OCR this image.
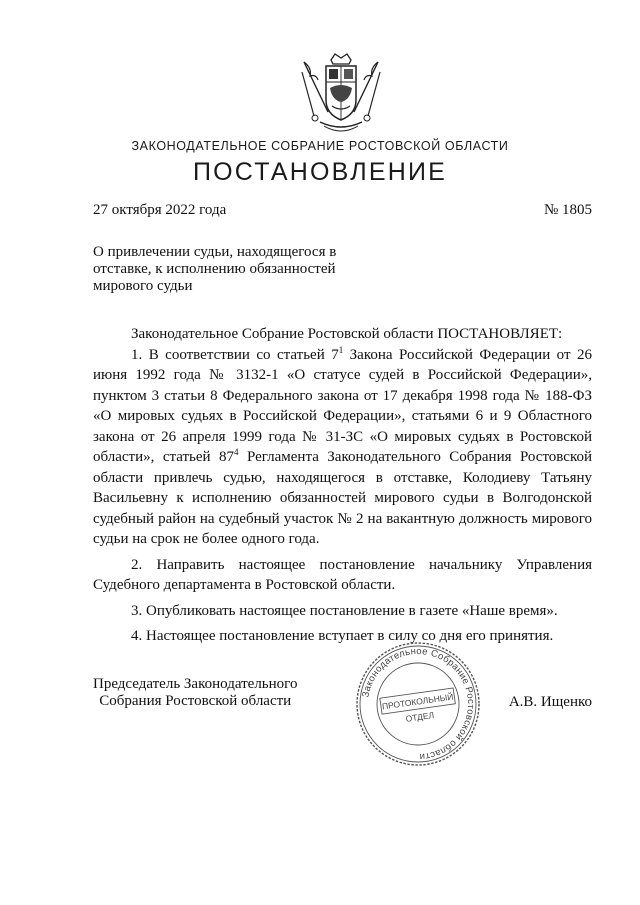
ЗАКОНОДАТЕЛЬНОЕ СОБРАНИЕ РОСТОВСКОЙ ОБЛАСТИ
ПОСТАНОВЛЕНИЕ
27 октября 2022 года	№ 1805
О привлечении судьи, находящегося в отставке, к исполнению обязанностей мирового судьи

Законодательное Собрание Ростовской области ПОСТАНОВЛЯЕТ:

1. В соответствии со статьей $7^1$ Закона Российской Федерации от 26 июня 1992 года № 3132-1 «О статусе судей в Российской Федерации», пунктом 3 статьи 8 Федерального закона от 17 декабря 1998 года № 188-ФЗ «О мировых судьях в Российской Федерации», статьями 6 и 9 Областного закона от 26 апреля 1999 года № 31-ЗС «О мировых судьях в Ростовской области», статьей $87^4$ Регламента Законодательного Собрания Ростовской области привлечь судью, находящегося в отставке, Колодиеву Татьяну Васильевну к исполнению обязанностей мирового судьи в Волгодонской судебный район на судебный участок № 2 на вакантную должность мирового судьи на срок не более одного года.

2. Направить настоящее постановление начальнику Управления Судебного департамента в Ростовской области.

3. Опубликовать настоящее постановление в газете «Наше время».

4. Настоящее постановление вступает в силу со дня его принятия.

Председатель Законодательного
Собрания Ростовской области	Законодательное Собрание Ростовской области
ПРОТОКОЛЬНЫЙ
ОТДЕЛ
А.В. Ищенко
